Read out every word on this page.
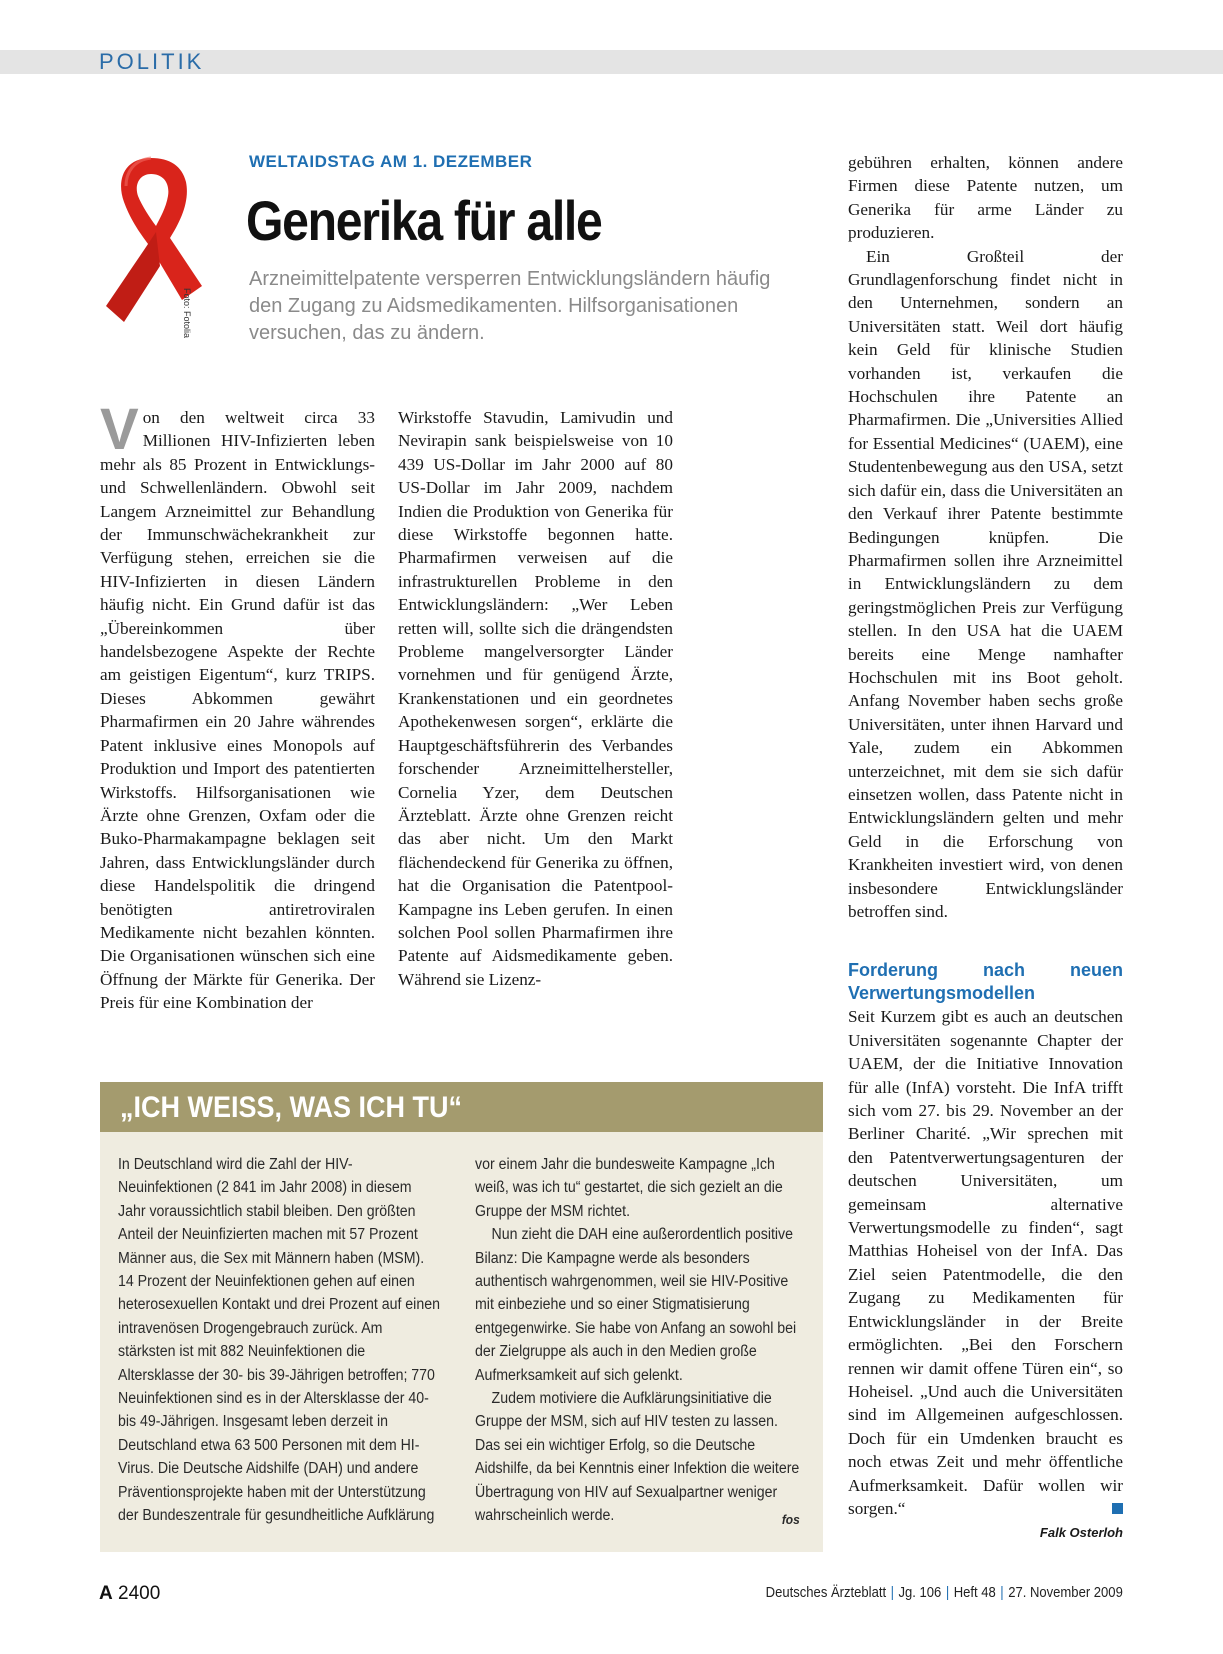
POLITIK
Foto: Fotolia
WELTAIDSTAG AM 1. DEZEMBER
Generika für alle
Arzneimittelpatente versperren Entwicklungsländern häufig den Zugang zu Aidsmedikamenten. Hilfsorganisationen versuchen, das zu ändern.

Von den weltweit circa 33 Millionen HIV-Infizierten leben mehr als 85 Prozent in Entwicklungs- und Schwellenländern. Obwohl seit Langem Arzneimittel zur Behandlung der Immunschwächekrankheit zur Verfügung stehen, erreichen sie die HIV-Infizierten in diesen Ländern häufig nicht. Ein Grund dafür ist das „Übereinkommen über handelsbezogene Aspekte der Rechte am geistigen Eigentum“, kurz TRIPS. Dieses Abkommen gewährt Pharmafirmen ein 20 Jahre währendes Patent inklusive eines Monopols auf Produktion und Import des patentierten Wirkstoffs. Hilfsorganisationen wie Ärzte ohne Grenzen, Oxfam oder die Buko-Pharmakampagne beklagen seit Jahren, dass Entwicklungsländer durch diese Handelspolitik die dringend benötigten antiretroviralen Medikamente nicht bezahlen könnten. Die Organisationen wünschen sich eine Öffnung der Märkte für Generika. Der Preis für eine Kombination der

Wirkstoffe Stavudin, Lamivudin und Nevirapin sank beispielsweise von 10 439 US-Dollar im Jahr 2000 auf 80 US-Dollar im Jahr 2009, nachdem Indien die Produktion von Generika für diese Wirkstoffe begonnen hatte. Pharmafirmen verweisen auf die infrastrukturellen Probleme in den Entwicklungsländern: „Wer Leben retten will, sollte sich die drängendsten Probleme mangelversorgter Länder vornehmen und für genügend Ärzte, Krankenstationen und ein geordnetes Apothekenwesen sorgen“, erklärte die Hauptgeschäftsführerin des Verbandes forschender Arzneimittelhersteller, Cornelia Yzer, dem Deutschen Ärzteblatt. Ärzte ohne Grenzen reicht das aber nicht. Um den Markt flächendeckend für Generika zu öffnen, hat die Organisation die Patentpool-Kampagne ins Leben gerufen. In einen solchen Pool sollen Pharmafirmen ihre Patente auf Aidsmedikamente geben. Während sie Lizenz-

gebühren erhalten, können andere Firmen diese Patente nutzen, um Generika für arme Länder zu produzieren.

Ein Großteil der Grundlagenforschung findet nicht in den Unternehmen, sondern an Universitäten statt. Weil dort häufig kein Geld für klinische Studien vorhanden ist, verkaufen die Hochschulen ihre Patente an Pharmafirmen. Die „Universities Allied for Essential Medicines“ (UAEM), eine Studentenbewegung aus den USA, setzt sich dafür ein, dass die Universitäten an den Verkauf ihrer Patente bestimmte Bedingungen knüpfen. Die Pharmafirmen sollen ihre Arzneimittel in Entwicklungsländern zu dem geringstmöglichen Preis zur Verfügung stellen. In den USA hat die UAEM bereits eine Menge namhafter Hochschulen mit ins Boot geholt. Anfang November haben sechs große Universitäten, unter ihnen Harvard und Yale, zudem ein Abkommen unterzeichnet, mit dem sie sich dafür einsetzen wollen, dass Patente nicht in Entwicklungsländern gelten und mehr Geld in die Erforschung von Krankheiten investiert wird, von denen insbesondere Entwicklungsländer betroffen sind.

Forderung nach neuen Verwertungsmodellen

Seit Kurzem gibt es auch an deutschen Universitäten sogenannte Chapter der UAEM, der die Initiative Innovation für alle (InfA) vorsteht. Die InfA trifft sich vom 27. bis 29. November an der Berliner Charité. „Wir sprechen mit den Patentverwertungsagenturen der deutschen Universitäten, um gemeinsam alternative Verwertungsmodelle zu finden“, sagt Matthias Hoheisel von der InfA. Das Ziel seien Patentmodelle, die den Zugang zu Medikamenten für Entwicklungsländer in der Breite ermöglichten. „Bei den Forschern rennen wir damit offene Türen ein“, so Hoheisel. „Und auch die Universitäten sind im Allgemeinen aufgeschlossen. Doch für ein Umdenken braucht es noch etwas Zeit und mehr öffentliche Aufmerksamkeit. Dafür wollen wir sorgen.“

Falk Osterloh
„ICH WEISS, WAS ICH TU“

In Deutschland wird die Zahl der HIV-Neuinfektionen (2 841 im Jahr 2008) in diesem Jahr voraussichtlich stabil bleiben. Den größten Anteil der Neuinfizierten machen mit 57 Prozent Männer aus, die Sex mit Männern haben (MSM). 14 Prozent der Neuinfektionen gehen auf einen heterosexuellen Kontakt und drei Prozent auf einen intravenösen Drogengebrauch zurück. Am stärksten ist mit 882 Neuinfektionen die Altersklasse der 30- bis 39-Jährigen betroffen; 770 Neuinfektionen sind es in der Altersklasse der 40- bis 49-Jährigen. Insgesamt leben derzeit in Deutschland etwa 63 500 Personen mit dem HI-Virus. Die Deutsche Aidshilfe (DAH) und andere Präventionsprojekte haben mit der Unterstützung der Bundeszentrale für gesundheitliche Aufklärung

vor einem Jahr die bundesweite Kampagne „Ich weiß, was ich tu“ gestartet, die sich gezielt an die Gruppe der MSM richtet.

Nun zieht die DAH eine außerordentlich positive Bilanz: Die Kampagne werde als besonders authentisch wahrgenommen, weil sie HIV-Positive mit einbeziehe und so einer Stigmatisierung entgegenwirke. Sie habe von Anfang an sowohl bei der Zielgruppe als auch in den Medien große Aufmerksamkeit auf sich gelenkt.

Zudem motiviere die Aufklärungsinitiative die Gruppe der MSM, sich auf HIV testen zu lassen. Das sei ein wichtiger Erfolg, so die Deutsche Aidshilfe, da bei Kenntnis einer Infektion die weitere Übertragung von HIV auf Sexualpartner weniger wahrscheinlich werde.	fos
A 2400	Deutsches Ärzteblatt | Jg. 106 | Heft 48 | 27. November 2009
